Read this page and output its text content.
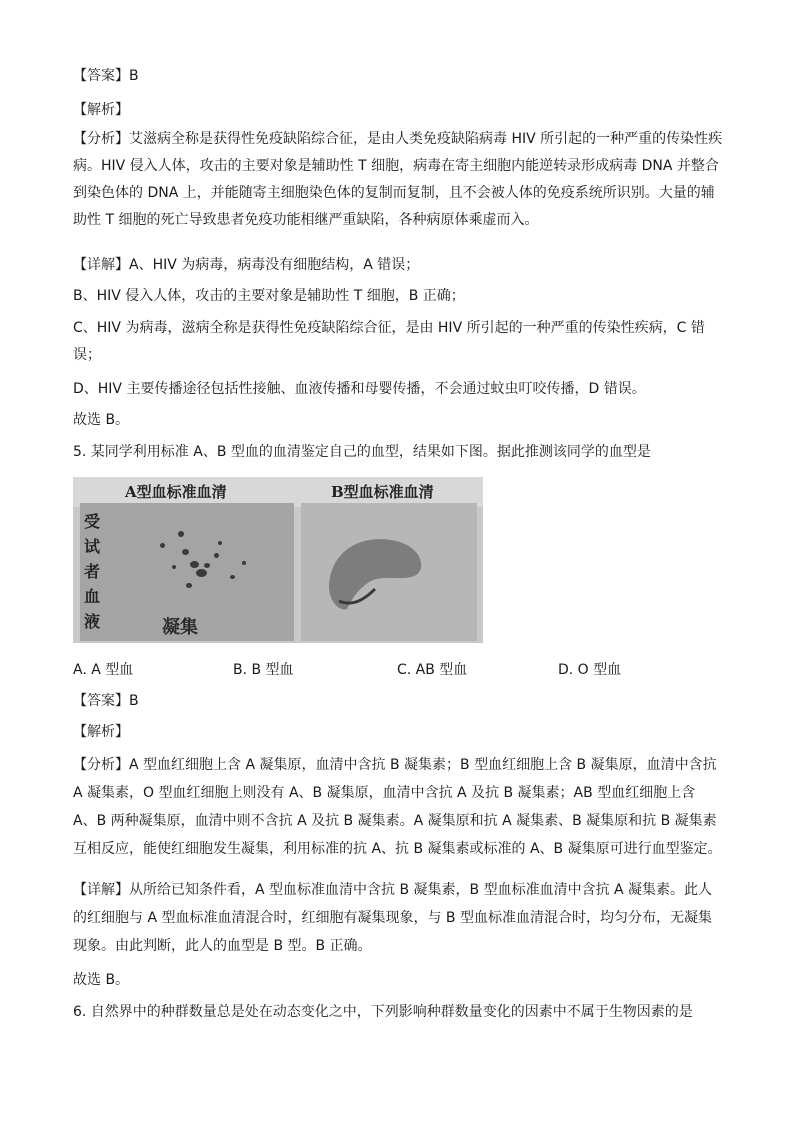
【答案】B

【解析】

【分析】艾滋病全称是获得性免疫缺陷综合征，是由人类免疫缺陷病毒 HIV 所引起的一种严重的传染性疾病。HIV 侵入人体，攻击的主要对象是辅助性 T 细胞，病毒在寄主细胞内能逆转录形成病毒 DNA 并整合到染色体的 DNA 上，并能随寄主细胞染色体的复制而复制，且不会被人体的免疫系统所识别。大量的辅助性 T 细胞的死亡导致患者免疫功能相继严重缺陷，各种病原体乘虚而入。

【详解】A、HIV 为病毒，病毒没有细胞结构，A 错误；

B、HIV 侵入人体，攻击的主要对象是辅助性 T 细胞，B 正确；

C、HIV 为病毒，滋病全称是获得性免疫缺陷综合征，是由 HIV 所引起的一种严重的传染性疾病，C 错误；

D、HIV 主要传播途径包括性接触、血液传播和母婴传播，不会通过蚊虫叮咬传播，D 错误。

故选 B。

5. 某同学利用标准 A、B 型血的血清鉴定自己的血型，结果如下图。据此推测该同学的血型是

A型血标准血清	B型血标准血清
受试者血液	凝集
A. A 型血	B. B 型血	C. AB 型血	D. O 型血

【答案】B

【解析】

【分析】A 型血红细胞上含 A 凝集原，血清中含抗 B 凝集素；B 型血红细胞上含 B 凝集原，血清中含抗 A 凝集素，O 型血红细胞上则没有 A、B 凝集原，血清中含抗 A 及抗 B 凝集素；AB 型血红细胞上含 A、B 两种凝集原，血清中则不含抗 A 及抗 B 凝集素。A 凝集原和抗 A 凝集素、B 凝集原和抗 B 凝集素互相反应，能使红细胞发生凝集，利用标准的抗 A、抗 B 凝集素或标准的 A、B 凝集原可进行血型鉴定。

【详解】从所给已知条件看，A 型血标准血清中含抗 B 凝集素，B 型血标准血清中含抗 A 凝集素。此人的红细胞与 A 型血标准血清混合时，红细胞有凝集现象，与 B 型血标准血清混合时，均匀分布，无凝集现象。由此判断，此人的血型是 B 型。B 正确。

故选 B。

6. 自然界中的种群数量总是处在动态变化之中，下列影响种群数量变化的因素中不属于生物因素的是
